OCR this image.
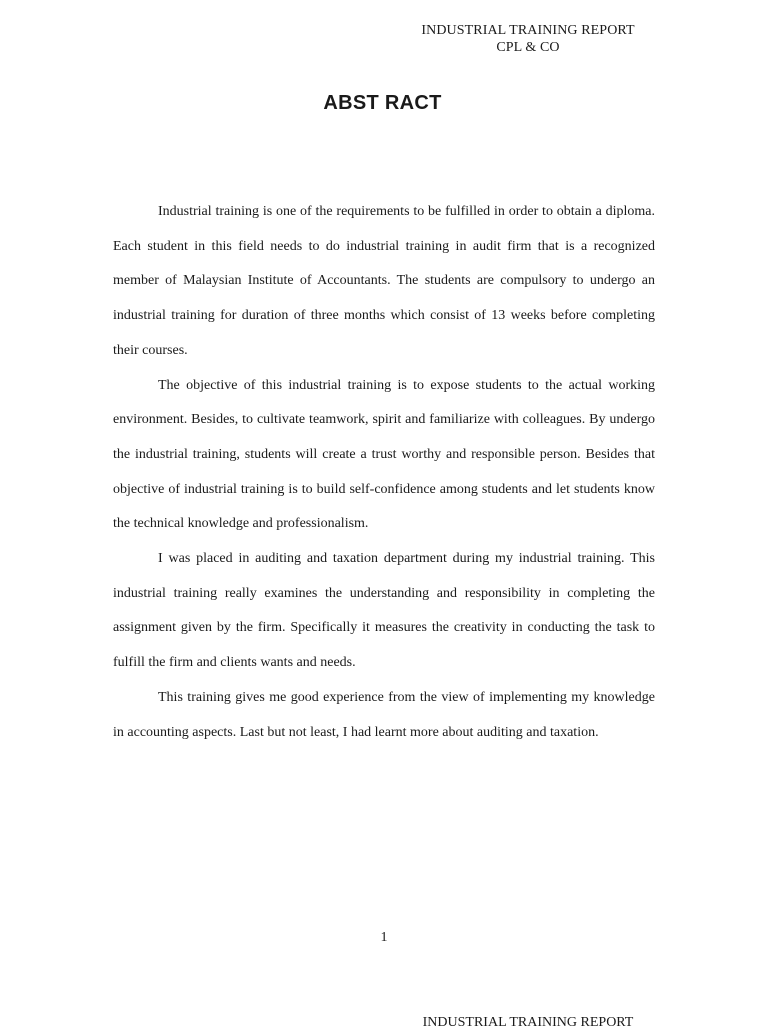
INDUSTRIAL TRAINING REPORT
CPL & CO
ABST RACT

Industrial training is one of the requirements to be fulfilled in order to obtain a diploma. Each student in this field needs to do industrial training in audit firm that is a recognized member of Malaysian Institute of Accountants. The students are compulsory to undergo an industrial training for duration of three months which consist of 13 weeks before completing their courses.

The objective of this industrial training is to expose students to the actual working environment. Besides, to cultivate teamwork, spirit and familiarize with colleagues. By undergo the industrial training, students will create a trust worthy and responsible person. Besides that objective of industrial training is to build self-confidence among students and let students know the technical knowledge and professionalism.

I was placed in auditing and taxation department during my industrial training. This industrial training really examines the understanding and responsibility in completing the assignment given by the firm. Specifically it measures the creativity in conducting the task to fulfill the firm and clients wants and needs.

This training gives me good experience from the view of implementing my knowledge in accounting aspects. Last but not least, I had learnt more about auditing and taxation.

1
INDUSTRIAL TRAINING REPORT
